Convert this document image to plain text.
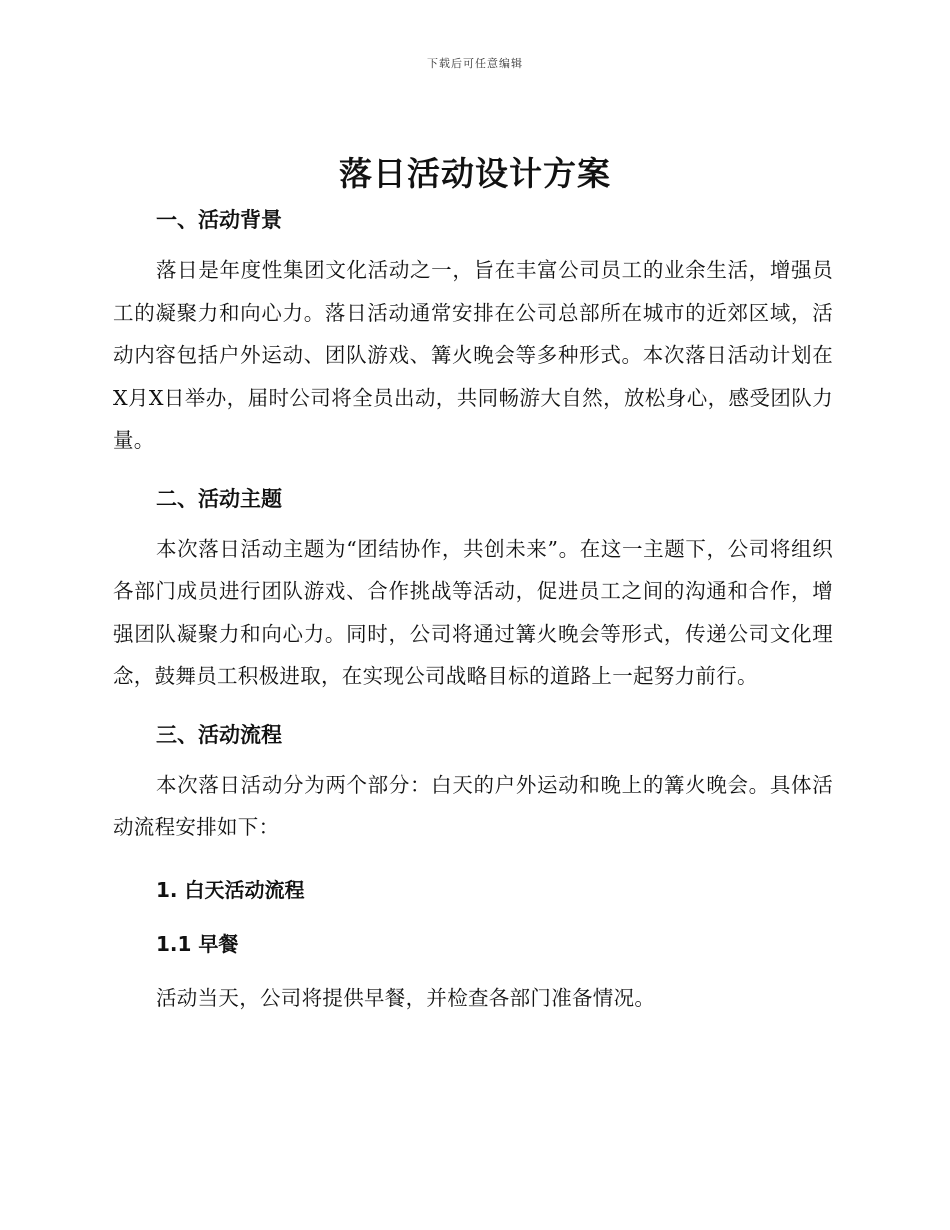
下载后可任意编辑
落日活动设计方案
一、活动背景

落日是年度性集团文化活动之一，旨在丰富公司员工的业余生活，增强员工的凝聚力和向心力。落日活动通常安排在公司总部所在城市的近郊区域，活动内容包括户外运动、团队游戏、篝火晚会等多种形式。本次落日活动计划在X月X日举办，届时公司将全员出动，共同畅游大自然，放松身心，感受团队力量。

二、活动主题

本次落日活动主题为“团结协作，共创未来”。在这一主题下，公司将组织各部门成员进行团队游戏、合作挑战等活动，促进员工之间的沟通和合作，增强团队凝聚力和向心力。同时，公司将通过篝火晚会等形式，传递公司文化理念，鼓舞员工积极进取，在实现公司战略目标的道路上一起努力前行。

三、活动流程

本次落日活动分为两个部分：白天的户外运动和晚上的篝火晚会。具体活动流程安排如下：

1. 白天活动流程
1.1 早餐

活动当天，公司将提供早餐，并检查各部门准备情况。
